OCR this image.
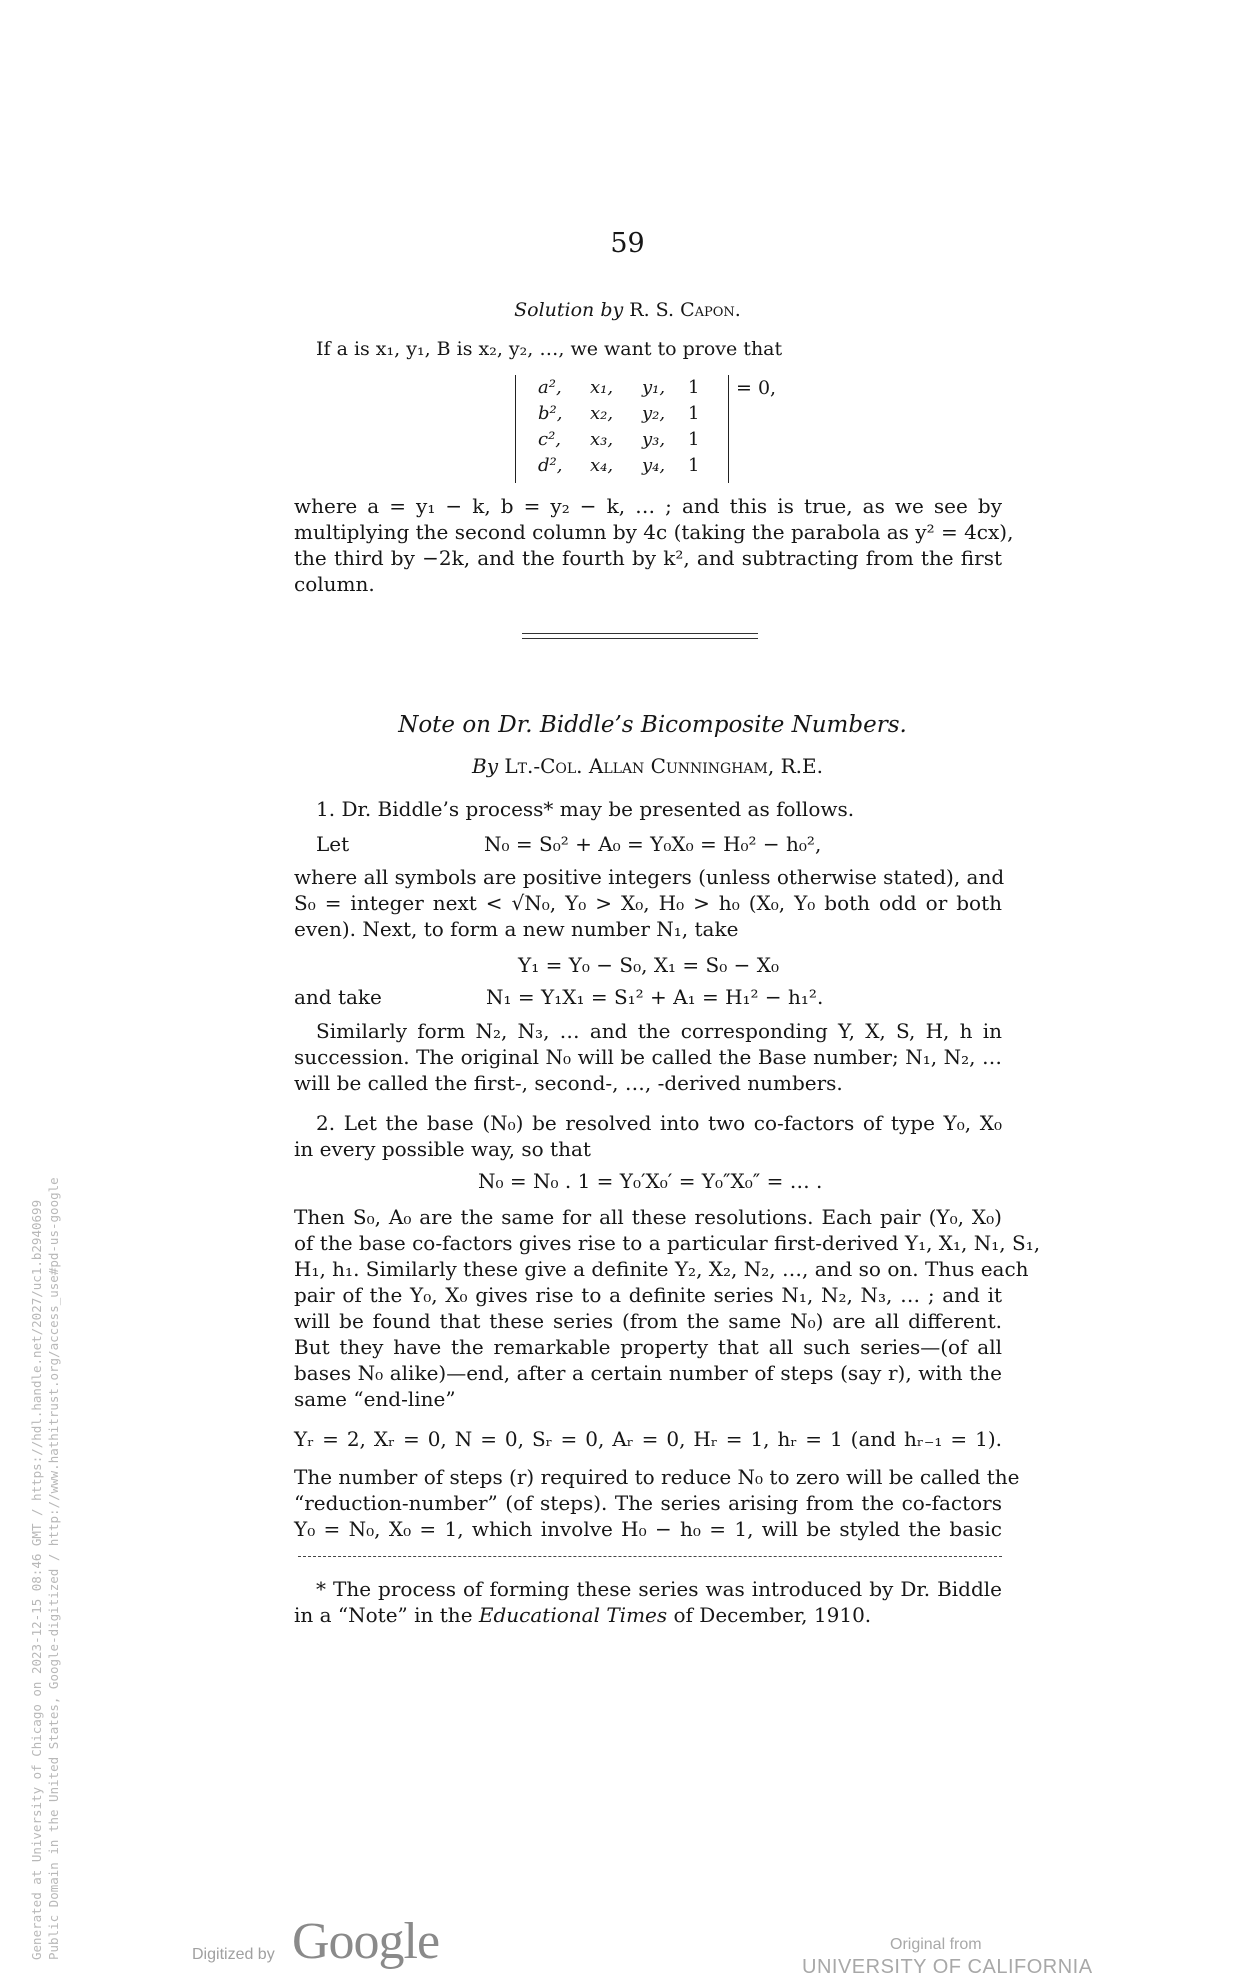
59
Solution by R. S. Capon.
If a is x₁, y₁, B is x₂, y₂, …, we want to prove that
a², x₁, y₁, 1
b², x₂, y₂, 1
c², x₃, y₃, 1
d², x₄, y₄, 1
= 0,
where a = y₁ − k, b = y₂ − k, … ; and this is true, as we see by
multiplying the second column by 4c (taking the parabola as y² = 4cx),
the third by −2k, and the fourth by k², and subtracting from the first
column.
Note on Dr. Biddle’s Bicomposite Numbers.
By Lt.-Col. Allan Cunningham, R.E.
1. Dr. Biddle’s process* may be presented as follows.
Let	N₀ = S₀² + A₀ = Y₀X₀ = H₀² − h₀²,
where all symbols are positive integers (unless otherwise stated), and
S₀ = integer next < √N₀, Y₀ > X₀, H₀ > h₀ (X₀, Y₀ both odd or both
even). Next, to form a new number N₁, take
Y₁ = Y₀ − S₀, X₁ = S₀ − X₀
and take	N₁ = Y₁X₁ = S₁² + A₁ = H₁² − h₁².
Similarly form N₂, N₃, … and the corresponding Y, X, S, H, h in
succession. The original N₀ will be called the Base number; N₁, N₂, …
will be called the first-, second-, …, -derived numbers.
2. Let the base (N₀) be resolved into two co-factors of type Y₀, X₀
in every possible way, so that
N₀ = N₀ . 1 = Y₀′X₀′ = Y₀″X₀″ = … .
Then S₀, A₀ are the same for all these resolutions. Each pair (Y₀, X₀)
of the base co-factors gives rise to a particular first-derived Y₁, X₁, N₁, S₁,
H₁, h₁. Similarly these give a definite Y₂, X₂, N₂, …, and so on. Thus each
pair of the Y₀, X₀ gives rise to a definite series N₁, N₂, N₃, … ; and it
will be found that these series (from the same N₀) are all different.
But they have the remarkable property that all such series—(of all
bases N₀ alike)—end, after a certain number of steps (say r), with the
same “end-line”
Yᵣ = 2, Xᵣ = 0, N = 0, Sᵣ = 0, Aᵣ = 0, Hᵣ = 1, hᵣ = 1 (and hᵣ₋₁ = 1).
The number of steps (r) required to reduce N₀ to zero will be called the
“reduction-number” (of steps). The series arising from the co-factors
Y₀ = N₀, X₀ = 1, which involve H₀ − h₀ = 1, will be styled the basic
* The process of forming these series was introduced by Dr. Biddle
in a “Note” in the Educational Times of December, 1910.
Generated at University of Chicago on 2023-12-15 08:46 GMT / https://hdl.handle.net/2027/uc1.b2940699 Public Domain in the United States, Google-digitized / http://www.hathitrust.org/access_use#pd-us-google	Digitized by Google	Original from
UNIVERSITY OF CALIFORNIA
